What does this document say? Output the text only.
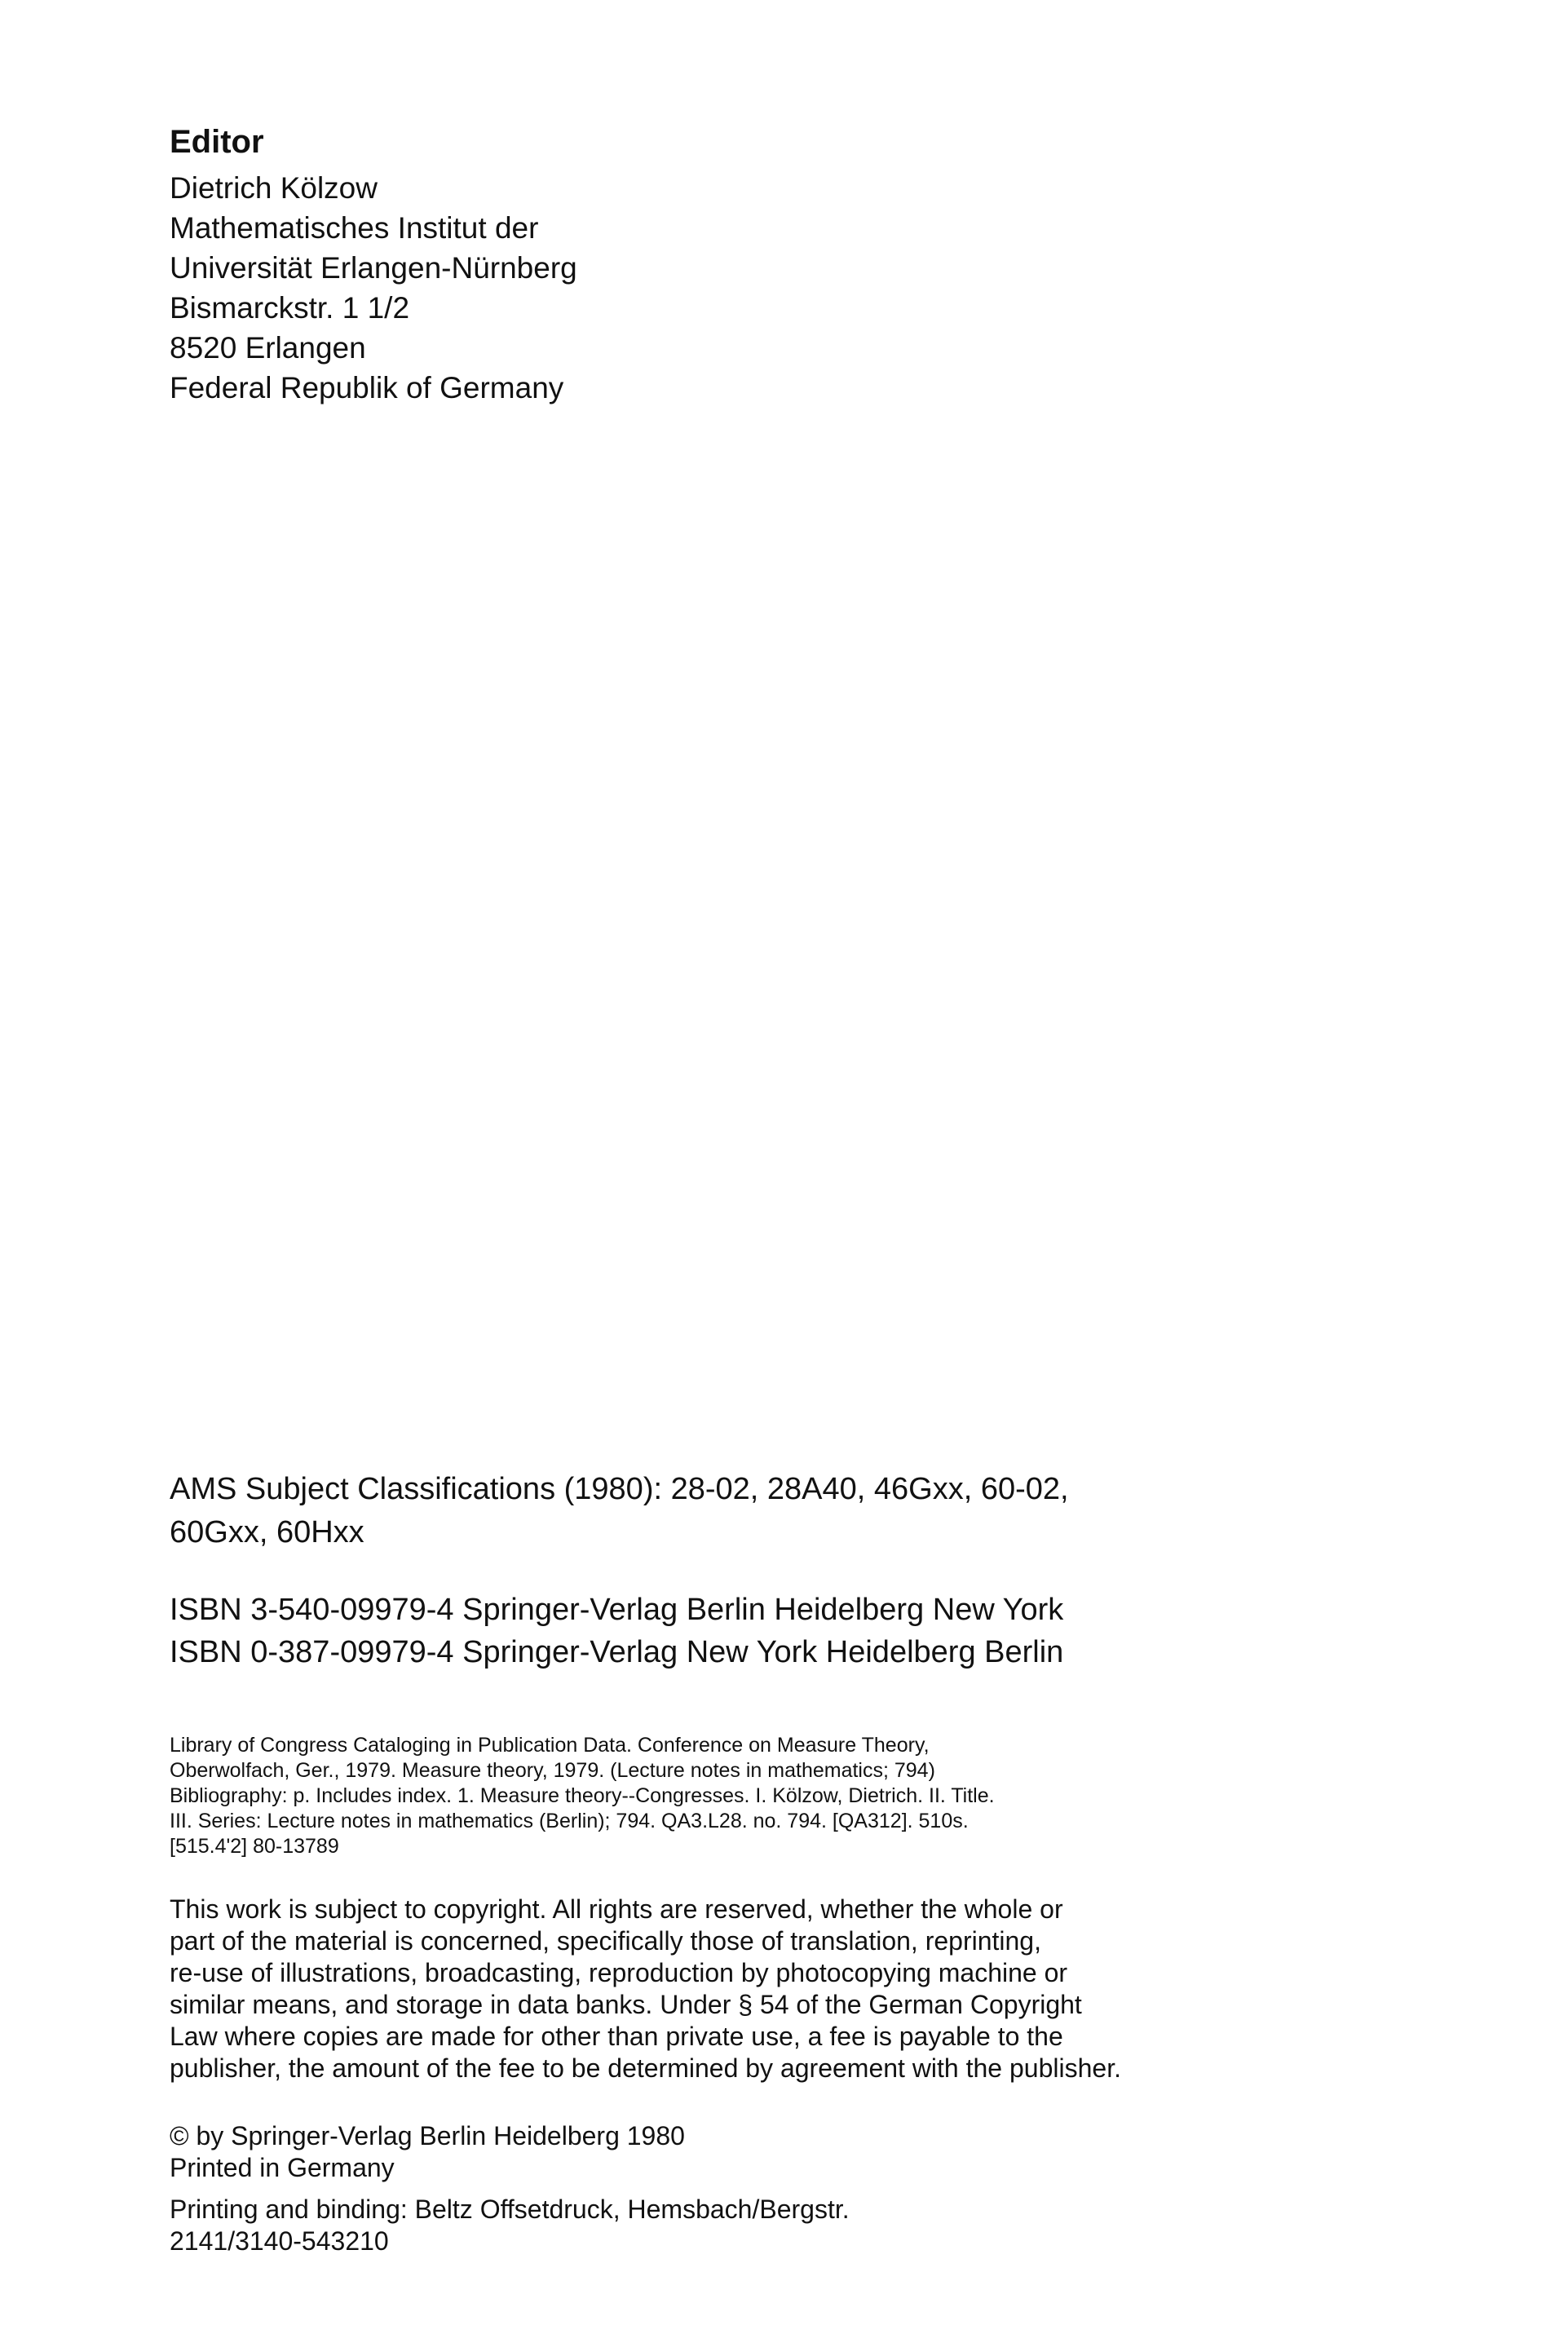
Editor
Dietrich Kölzow
Mathematisches Institut der
Universität Erlangen-Nürnberg
Bismarckstr. 1 1/2
8520 Erlangen
Federal Republik of Germany
AMS Subject Classifications (1980): 28-02, 28A40, 46Gxx, 60-02,
60Gxx, 60Hxx
ISBN 3-540-09979-4 Springer-Verlag Berlin Heidelberg New York
ISBN 0-387-09979-4 Springer-Verlag New York Heidelberg Berlin
Library of Congress Cataloging in Publication Data. Conference on Measure Theory,
Oberwolfach, Ger., 1979. Measure theory, 1979. (Lecture notes in mathematics; 794)
Bibliography: p. Includes index. 1. Measure theory--Congresses. I. Kölzow, Dietrich. II. Title.
III. Series: Lecture notes in mathematics (Berlin); 794. QA3.L28. no. 794. [QA312]. 510s.
[515.4'2] 80-13789
This work is subject to copyright. All rights are reserved, whether the whole or
part of the material is concerned, specifically those of translation, reprinting,
re-use of illustrations, broadcasting, reproduction by photocopying machine or
similar means, and storage in data banks. Under § 54 of the German Copyright
Law where copies are made for other than private use, a fee is payable to the
publisher, the amount of the fee to be determined by agreement with the publisher.
© by Springer-Verlag Berlin Heidelberg 1980
Printed in Germany
Printing and binding: Beltz Offsetdruck, Hemsbach/Bergstr.
2141/3140-543210
